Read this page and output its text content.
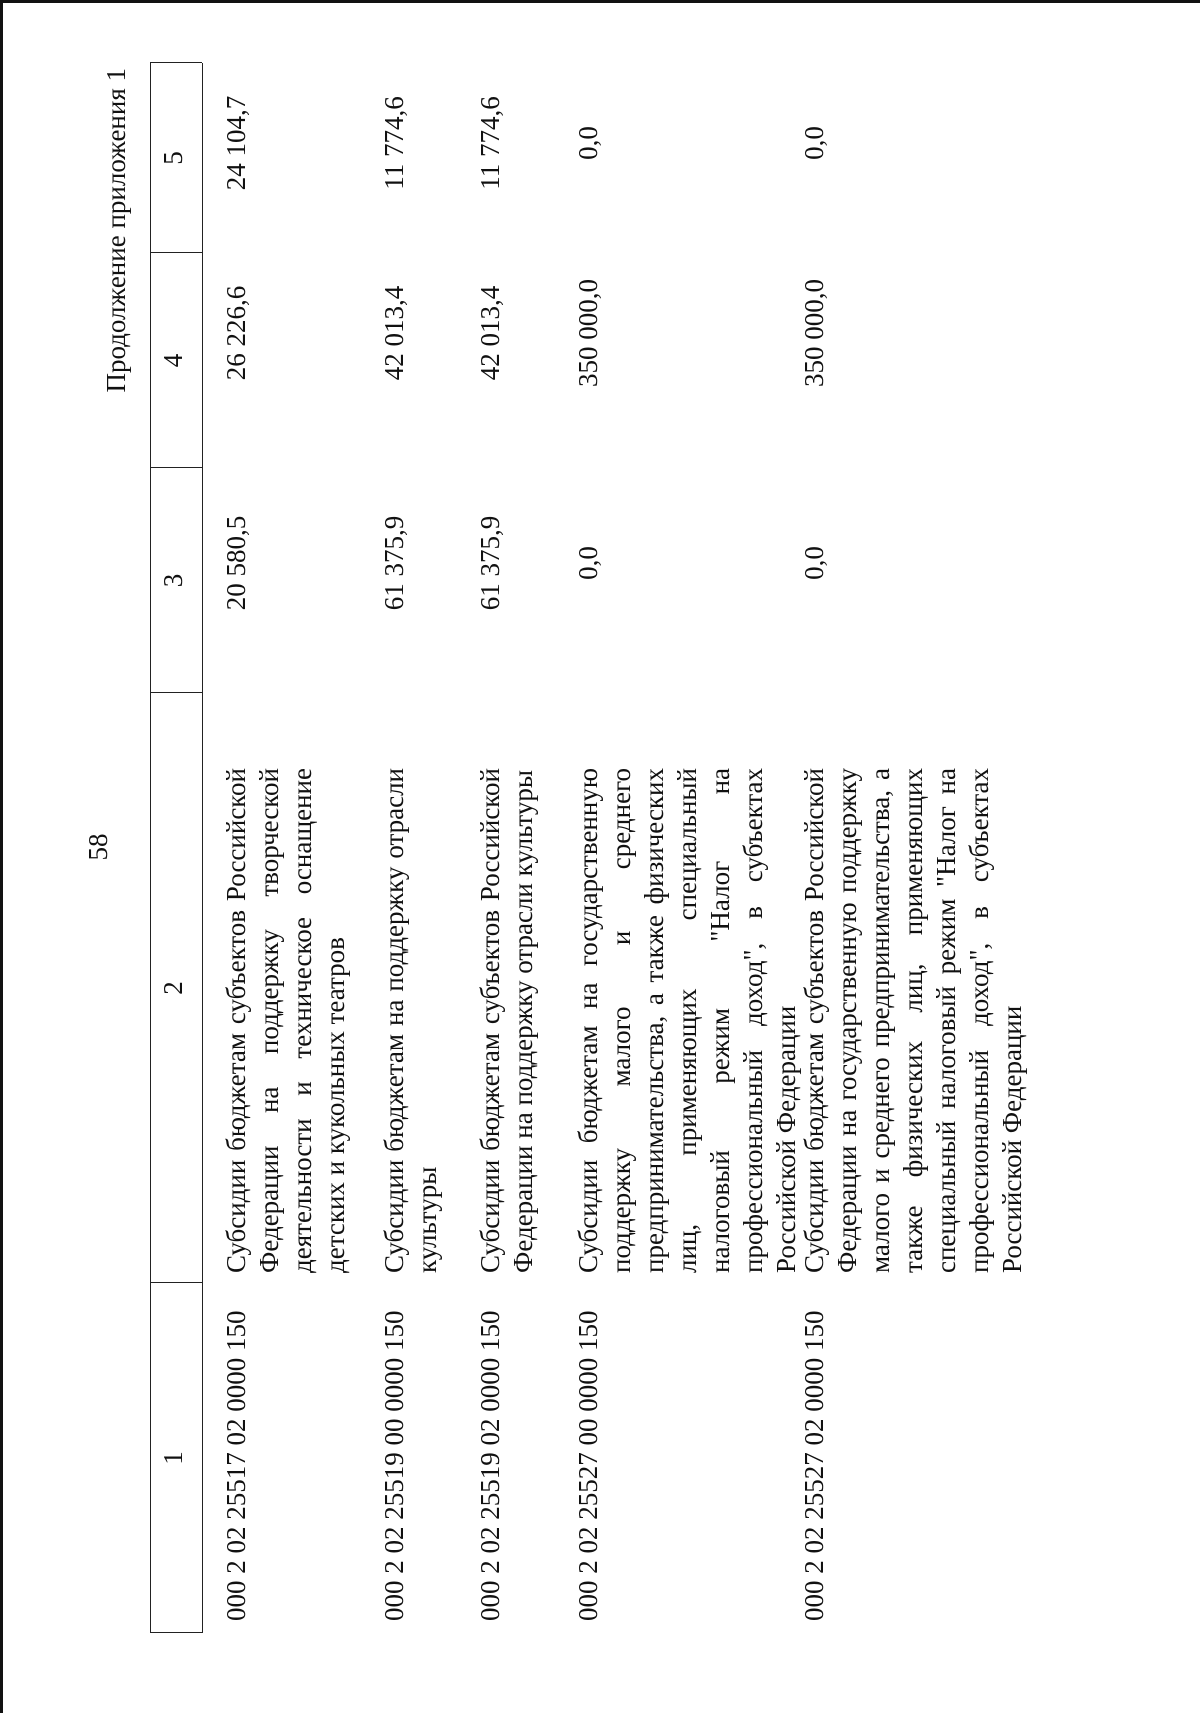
58
Продолжение приложения 1
1
2
3
4
5
000 2 02 25517 02 0000 150
Субсидии бюджетам субъектов Российской Федерации на поддержку творческой деятельности и техническое оснащение детских и кукольных театров
20 580,5
26 226,6
24 104,7
000 2 02 25519 00 0000 150
Субсидии бюджетам на поддержку отрасли культуры
61 375,9
42 013,4
11 774,6
000 2 02 25519 02 0000 150
Субсидии бюджетам субъектов Российской Федерации на поддержку отрасли культуры
61 375,9
42 013,4
11 774,6
000 2 02 25527 00 0000 150
Субсидии бюджетам на государственную поддержку малого и среднего предпринимательства, а также физических лиц, применяющих специальный налоговый режим "Налог на профессиональный доход", в субъектах Российской Федерации
0,0
350 000,0
0,0
000 2 02 25527 02 0000 150
Субсидии бюджетам субъектов Российской Федерации на государственную поддержку малого и среднего предпринимательства, а также физических лиц, применяющих специальный налоговый режим "Налог на профессиональный доход", в субъектах Российской Федерации
0,0
350 000,0
0,0
